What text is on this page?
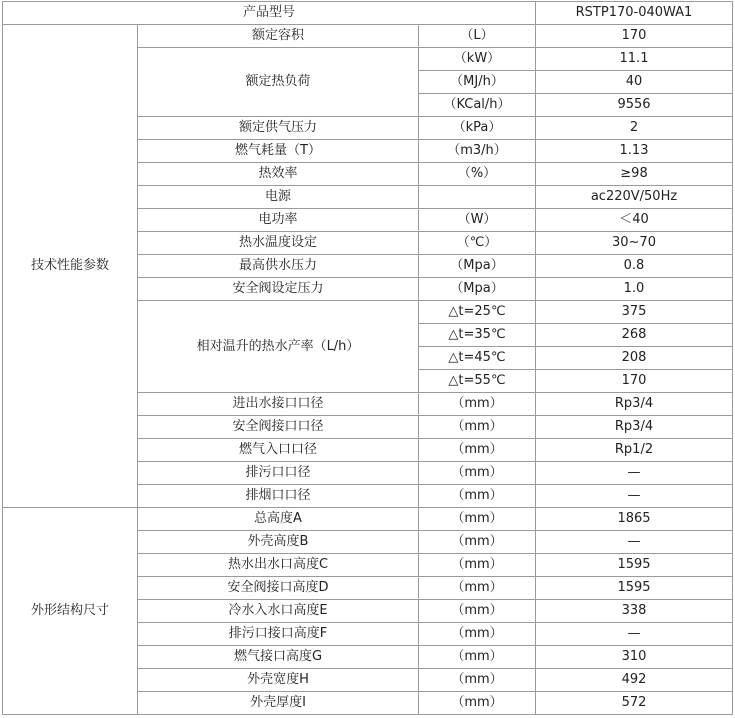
产品型号			RSTP170-040WA1
技术性能参数	额定容积	（L）	170
	额定热负荷	（kW）	11.1
		（MJ/h）	40
		（KCal/h）	9556
	额定供气压力	（kPa）	2
	燃气耗量（T）	（m3/h）	1.13
	热效率	（%）	≥98
	电源		ac220V/50Hz
	电功率	（W）	＜40
	热水温度设定	（℃）	30~70
	最高供水压力	（Mpa）	0.8
	安全阀设定压力	（Mpa）	1.0
	相对温升的热水产率（L/h）	△t=25℃	375
		△t=35℃	268
		△t=45℃	208
		△t=55℃	170
	进出水接口口径	（mm）	Rp3/4
	安全阀接口口径	（mm）	Rp3/4
	燃气入口口径	（mm）	Rp1/2
	排污口口径	（mm）	—
	排烟口口径	（mm）	—
外形结构尺寸	总高度A	（mm）	1865
	外壳高度B	（mm）	—
	热水出水口高度C	（mm）	1595
	安全阀接口高度D	（mm）	1595
	冷水入水口高度E	（mm）	338
	排污口接口高度F	（mm）	—
	燃气接口高度G	（mm）	310
	外壳宽度H	（mm）	492
	外壳厚度I	（mm）	572
